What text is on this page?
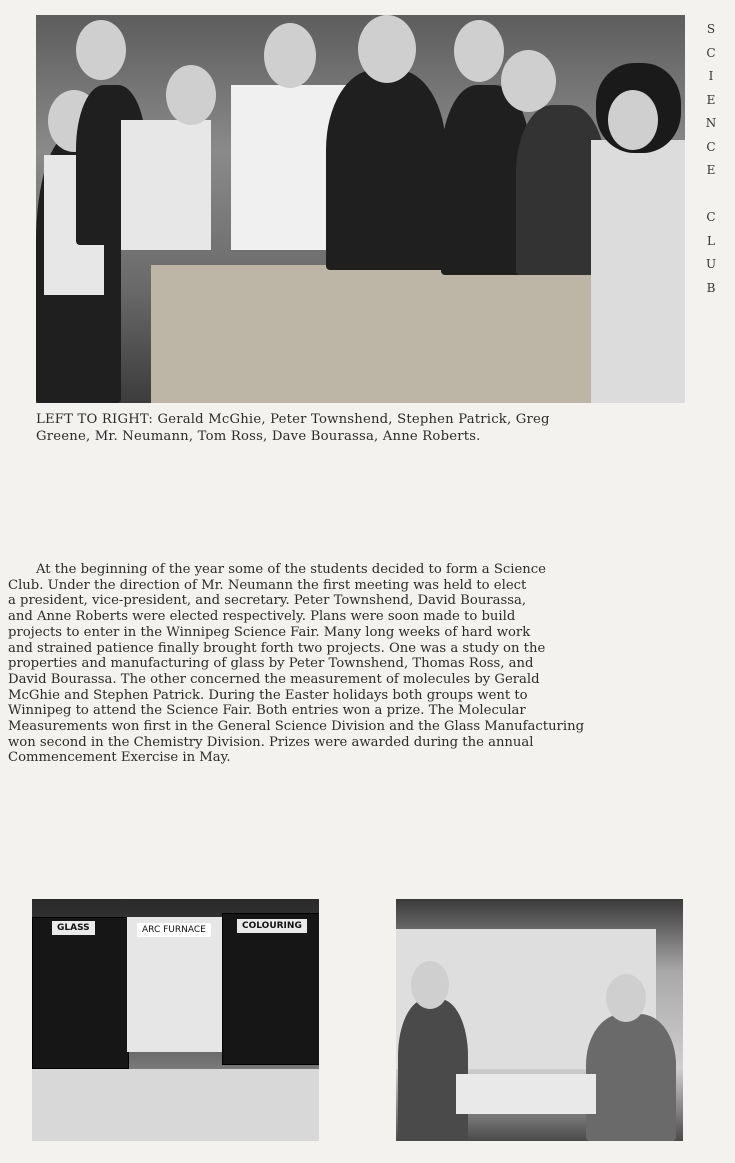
S
C
I
E
N
C
E

C
L
U
B
LEFT TO RIGHT: Gerald McGhie, Peter Townshend, Stephen Patrick, Greg
Greene, Mr. Neumann, Tom Ross, Dave Bourassa, Anne Roberts.
At the beginning of the year some of the students decided to form a Science
Club. Under the direction of Mr. Neumann the first meeting was held to elect
a president, vice-president, and secretary. Peter Townshend, David Bourassa,
and Anne Roberts were elected respectively. Plans were soon made to build
projects to enter in the Winnipeg Science Fair. Many long weeks of hard work
and strained patience finally brought forth two projects. One was a study on the
properties and manufacturing of glass by Peter Townshend, Thomas Ross, and
David Bourassa. The other concerned the measurement of molecules by Gerald
McGhie and Stephen Patrick. During the Easter holidays both groups went to
Winnipeg to attend the Science Fair. Both entries won a prize. The Molecular
Measurements won first in the General Science Division and the Glass Manufacturing
won second in the Chemistry Division. Prizes were awarded during the annual
Commencement Exercise in May.
GLASS	ARC FURNACE	COLOURING
